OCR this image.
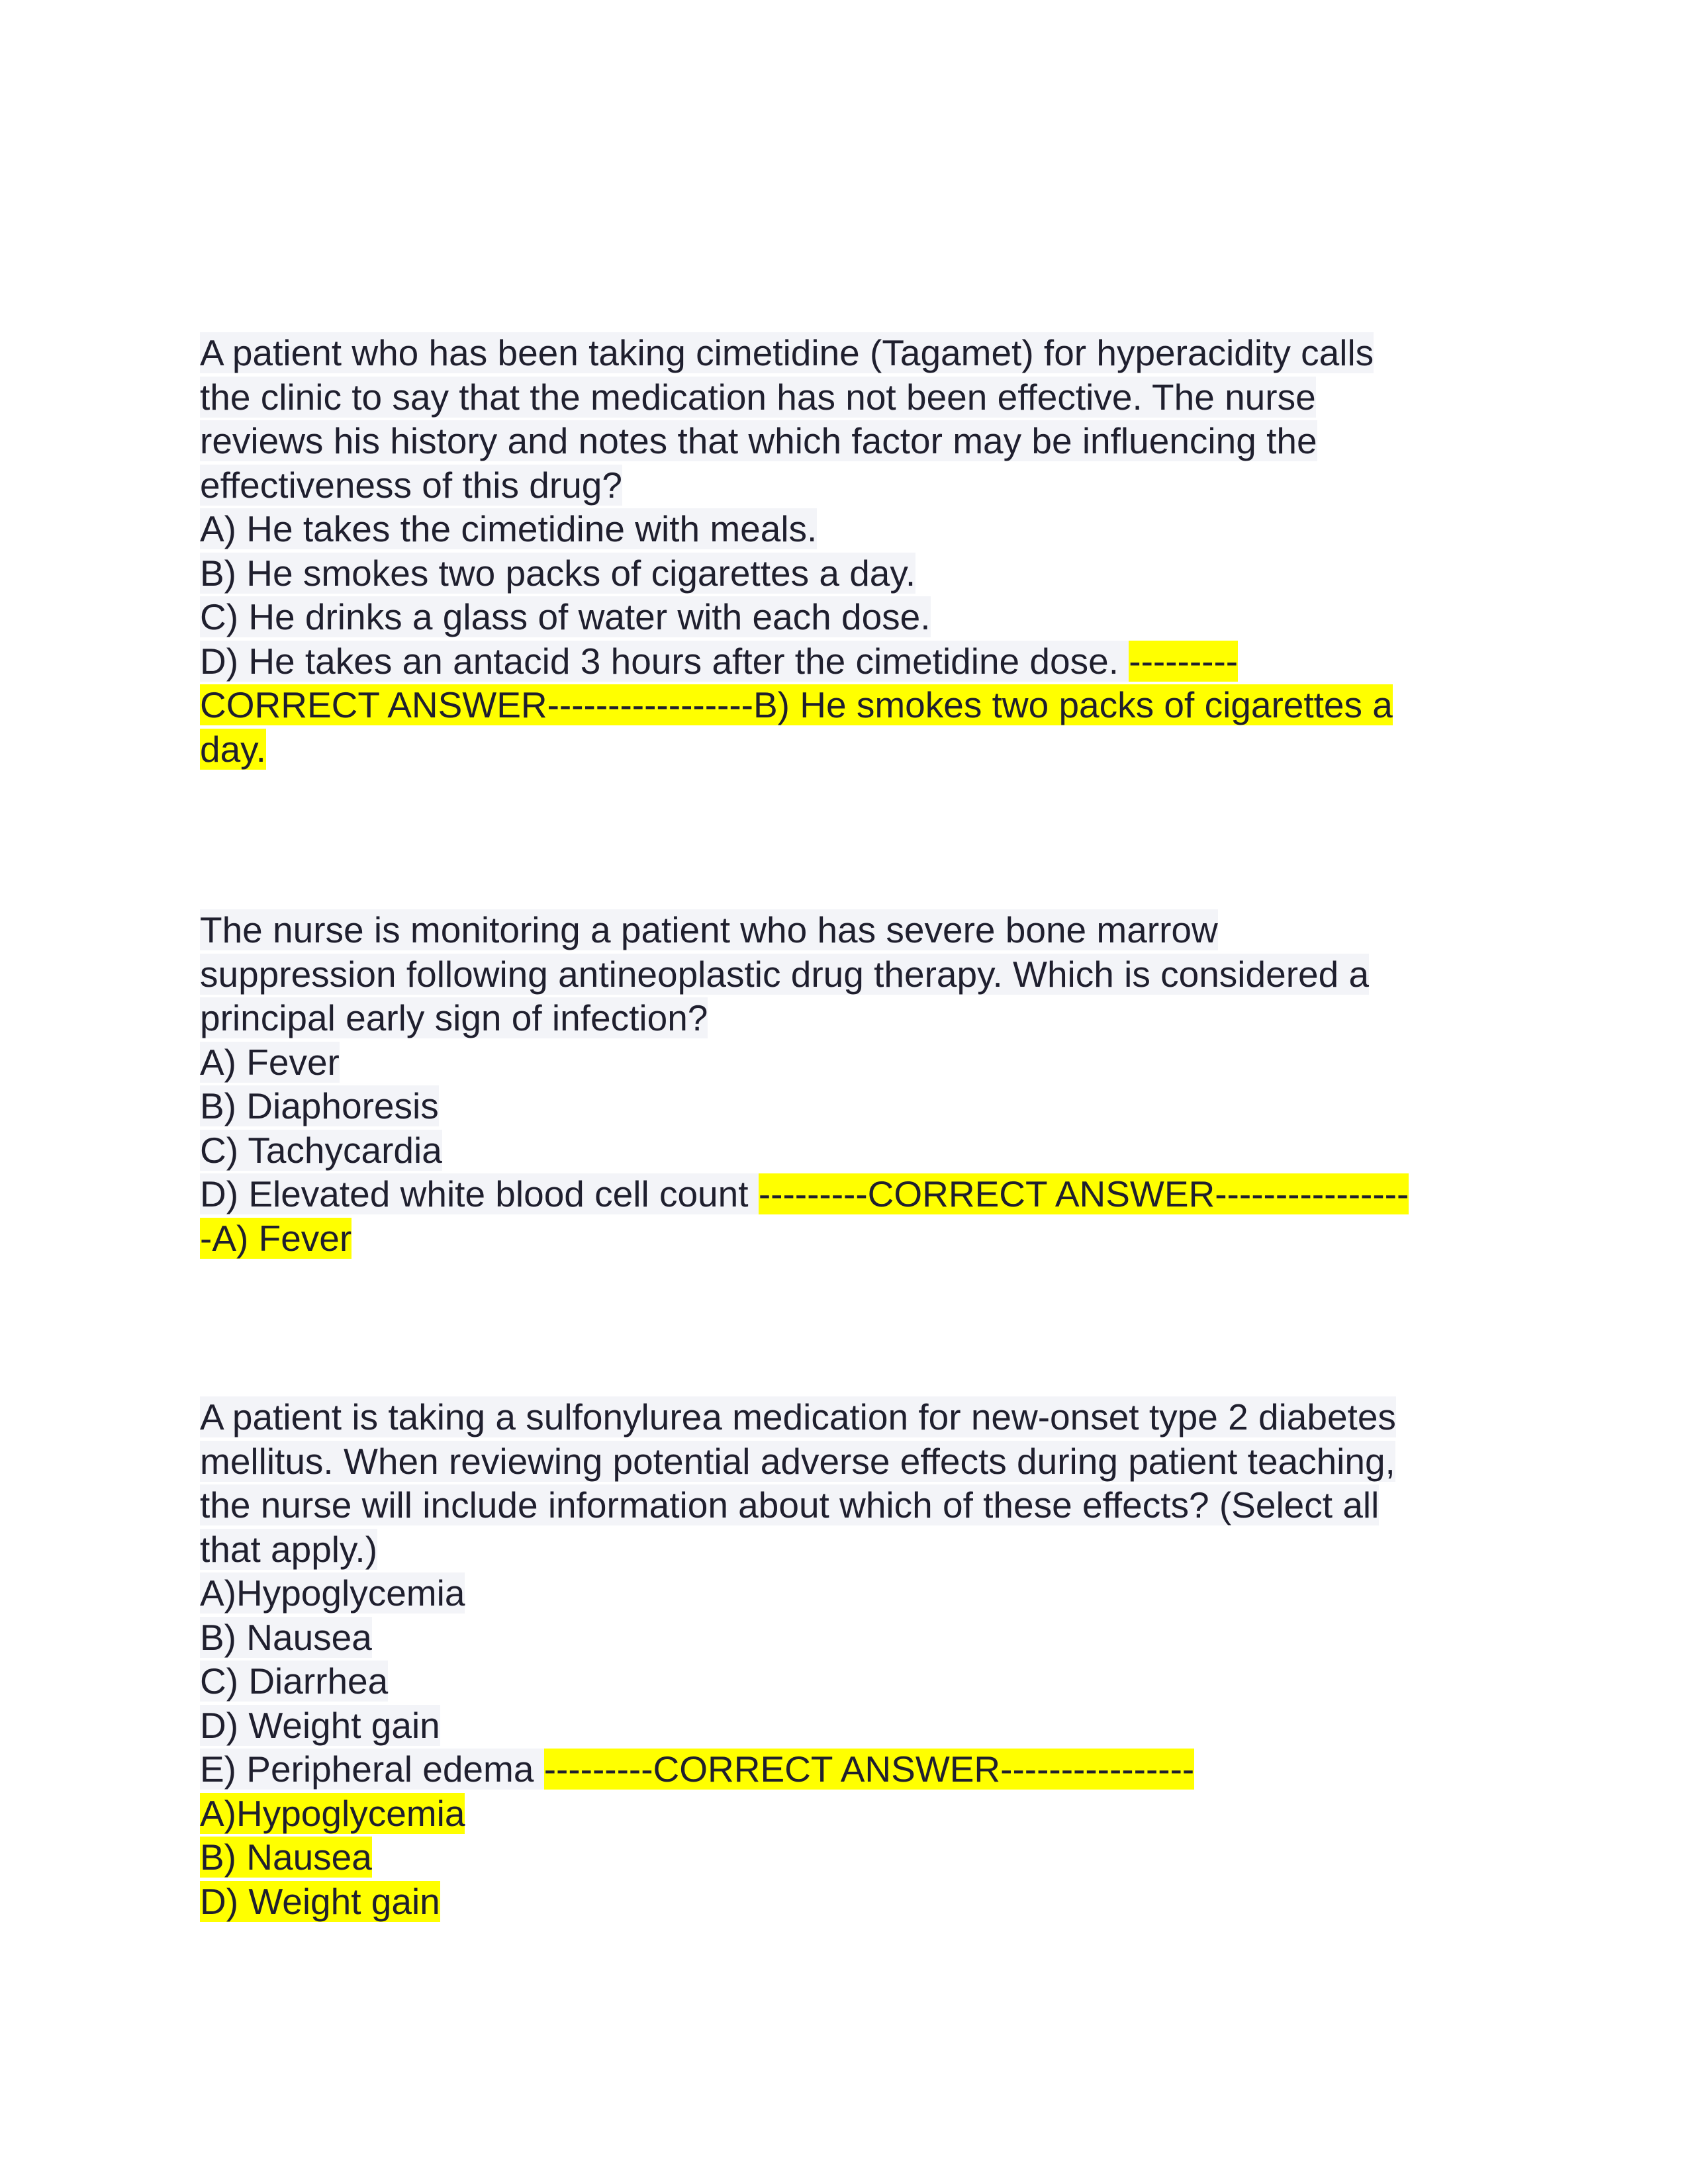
A patient who has been taking cimetidine (Tagamet) for hyperacidity calls
the clinic to say that the medication has not been effective. The nurse
reviews his history and notes that which factor may be influencing the
effectiveness of this drug?
A) He takes the cimetidine with meals.
B) He smokes two packs of cigarettes a day.
C) He drinks a glass of water with each dose.
D) He takes an antacid 3 hours after the cimetidine dose. ---------
CORRECT ANSWER-----------------B) He smokes two packs of cigarettes a
day.
The nurse is monitoring a patient who has severe bone marrow
suppression following antineoplastic drug therapy. Which is considered a
principal early sign of infection?
A) Fever
B) Diaphoresis
C) Tachycardia
D) Elevated white blood cell count ---------CORRECT ANSWER----------------
-A) Fever
A patient is taking a sulfonylurea medication for new-onset type 2 diabetes
mellitus. When reviewing potential adverse effects during patient teaching,
the nurse will include information about which of these effects? (Select all
that apply.)
A)Hypoglycemia
B) Nausea
C) Diarrhea
D) Weight gain
E) Peripheral edema ---------CORRECT ANSWER----------------
A)Hypoglycemia
B) Nausea
D) Weight gain
